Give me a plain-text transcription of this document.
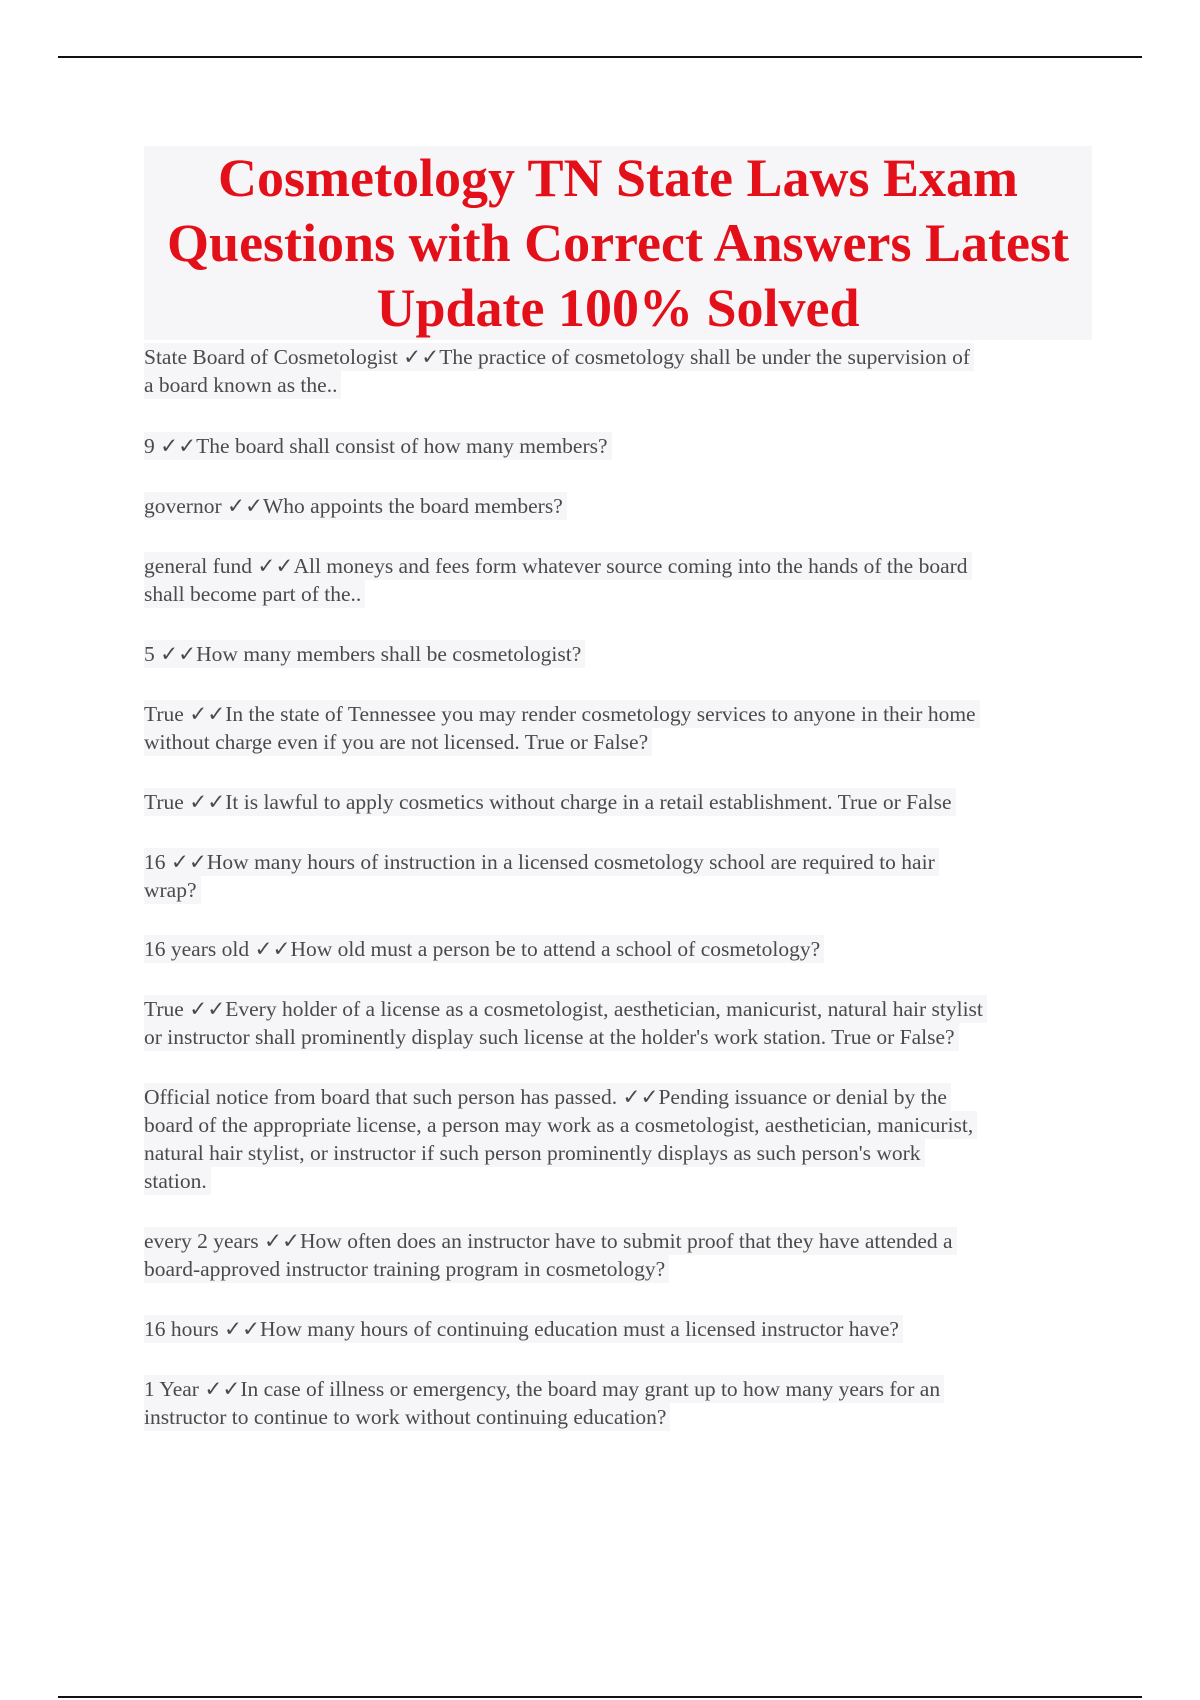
Cosmetology TN State Laws Exam
Questions with Correct Answers Latest
Update 100% Solved
State Board of Cosmetologist ✓✓The practice of cosmetology shall be under the supervision of
a board known as the..
9 ✓✓The board shall consist of how many members?
governor ✓✓Who appoints the board members?
general fund ✓✓All moneys and fees form whatever source coming into the hands of the board
shall become part of the..
5 ✓✓How many members shall be cosmetologist?
True ✓✓In the state of Tennessee you may render cosmetology services to anyone in their home
without charge even if you are not licensed. True or False?
True ✓✓It is lawful to apply cosmetics without charge in a retail establishment. True or False
16 ✓✓How many hours of instruction in a licensed cosmetology school are required to hair
wrap?
16 years old ✓✓How old must a person be to attend a school of cosmetology?
True ✓✓Every holder of a license as a cosmetologist, aesthetician, manicurist, natural hair stylist
or instructor shall prominently display such license at the holder's work station. True or False?
Official notice from board that such person has passed. ✓✓Pending issuance or denial by the
board of the appropriate license, a person may work as a cosmetologist, aesthetician, manicurist,
natural hair stylist, or instructor if such person prominently displays as such person's work
station.
every 2 years ✓✓How often does an instructor have to submit proof that they have attended a
board-approved instructor training program in cosmetology?
16 hours ✓✓How many hours of continuing education must a licensed instructor have?
1 Year ✓✓In case of illness or emergency, the board may grant up to how many years for an
instructor to continue to work without continuing education?
